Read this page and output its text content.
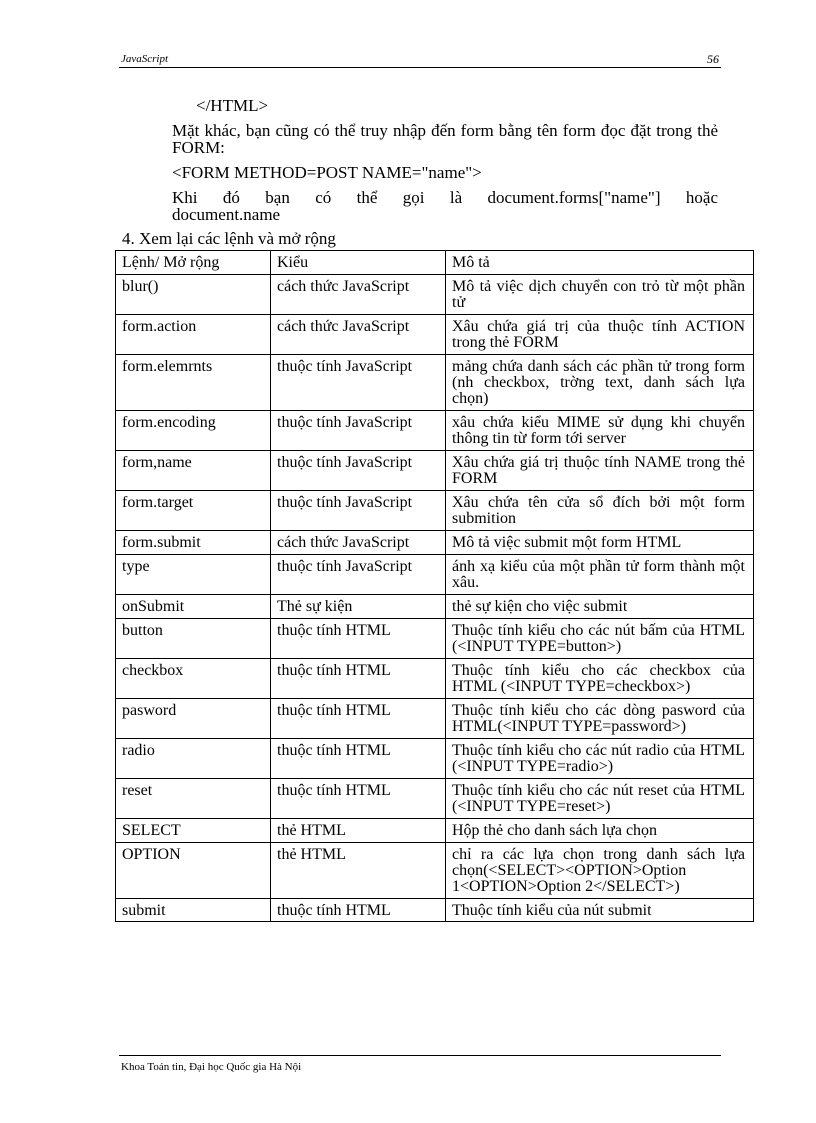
JavaScript	56
</HTML>
Mặt khác, bạn cũng có thể truy nhập đến form bằng tên form đọc đặt trong thẻ FORM:
<FORM METHOD=POST NAME="name">
Khi đó bạn có thể gọi là document.forms["name"] hoặc
document.name
4. Xem lại các lệnh và mở rộng
Lệnh/ Mở rộng	Kiểu	Mô tả
blur()	cách thức JavaScript	Mô tả việc dịch chuyển con trỏ từ một phần tử
form.action	cách thức JavaScript	Xâu chứa giá trị của thuộc tính ACTION trong thẻ FORM
form.elemrnts	thuộc tính JavaScript	mảng chứa danh sách các phần tử trong form (nh checkbox, trờng text, danh sách lựa chọn)
form.encoding	thuộc tính JavaScript	xâu chứa kiểu MIME sử dụng khi chuyển thông tin từ form tới server
form,name	thuộc tính JavaScript	Xâu chứa giá trị thuộc tính NAME trong thẻ FORM
form.target	thuộc tính JavaScript	Xâu chứa tên cửa sổ đích bởi một form submition
form.submit	cách thức JavaScript	Mô tả việc submit một form HTML
type	thuộc tính JavaScript	ánh xạ kiểu của một phần tử form thành một xâu.
onSubmit	Thẻ sự kiện	thẻ sự kiện cho việc submit
button	thuộc tính HTML	Thuộc tính kiểu cho các nút bấm của HTML (<INPUT TYPE=button>)
checkbox	thuộc tính HTML	Thuộc tính kiểu cho các checkbox của HTML (<INPUT TYPE=checkbox>)
pasword	thuộc tính HTML	Thuộc tính kiểu cho các dòng pasword của HTML(<INPUT TYPE=password>)
radio	thuộc tính HTML	Thuộc tính kiểu cho các nút radio của HTML (<INPUT TYPE=radio>)
reset	thuộc tính HTML	Thuộc tính kiểu cho các nút reset của HTML (<INPUT TYPE=reset>)
SELECT	thẻ HTML	Hộp thẻ cho danh sách lựa chọn
OPTION	thẻ HTML	chỉ ra các lựa chọn trong danh sách lựa chọn(<SELECT><OPTION>Option 1<OPTION>Option 2</SELECT>)
submit	thuộc tính HTML	Thuộc tính kiểu của nút submit
Khoa Toán tin, Đại học Quốc gia Hà Nội
